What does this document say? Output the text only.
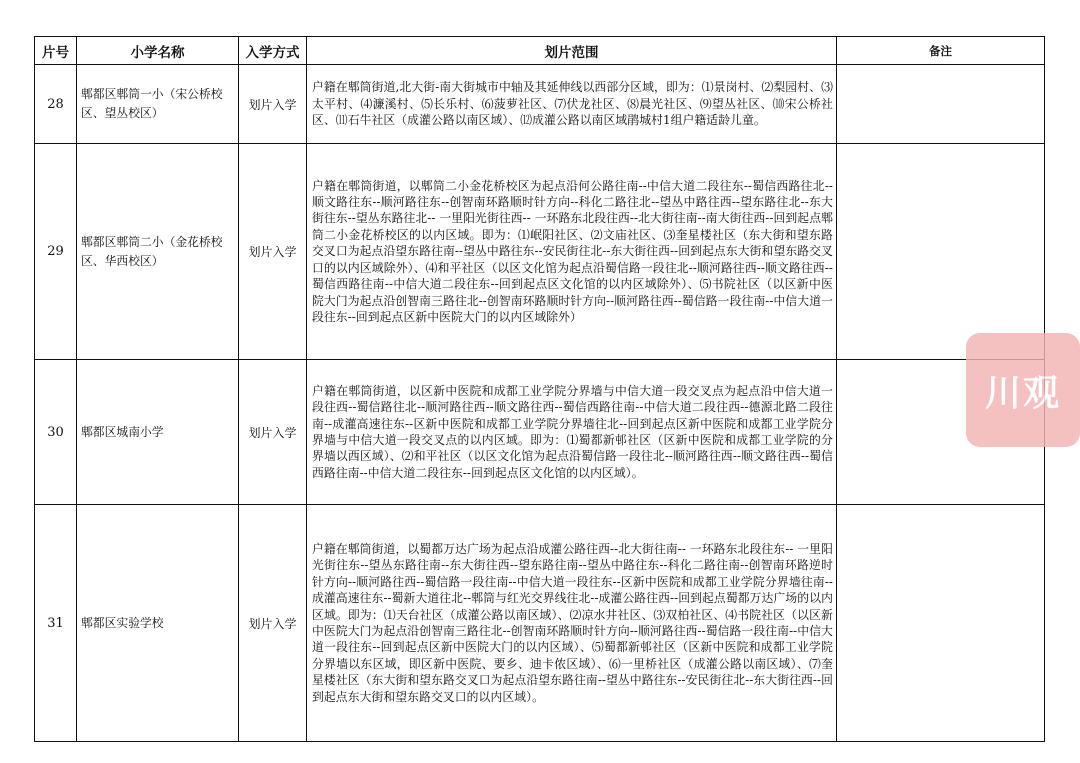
片号	小学名称	入学方式	划片范围	备注
28	郫都区郫筒一小（宋公桥校区、望丛校区）	划片入学	户籍在郫筒街道,北大街-南大街城市中轴及其延伸线以西部分区域，即为：⑴景岗村、⑵梨园村、⑶太平村、⑷濂溪村、⑸长乐村、⑹菠萝社区、⑺伏龙社区、⑻晨光社区、⑼望丛社区、⑽宋公桥社区、⑾石牛社区（成灌公路以南区域）、⑿成灌公路以南区域鹃城村1组户籍适龄儿童。	
29	郫都区郫筒二小（金花桥校区、华西校区）	划片入学	户籍在郫筒街道，以郫筒二小金花桥校区为起点沿何公路往南--中信大道二段往东--蜀信西路往北--顺文路往东--顺河路往东--创智南环路顺时针方向--科化二路往北--望丛中路往西--望东路往北--东大街往东--望丛东路往北-- 一里阳光街往西-- 一环路东北段往西--北大街往南--南大街往西--回到起点郫筒二小金花桥校区的以内区域。即为：⑴岷阳社区、⑵文庙社区、⑶奎星楼社区（东大街和望东路交叉口为起点沿望东路往南--望丛中路往东--安民街往北--东大街往西--回到起点东大街和望东路交叉口的以内区域除外）、⑷和平社区（以区文化馆为起点沿蜀信路一段往北--顺河路往西--顺文路往西--蜀信西路往南--中信大道二段往东--回到起点区文化馆的以内区域除外）、⑸书院社区（以区新中医院大门为起点沿创智南三路往北--创智南环路顺时针方向--顺河路往西--蜀信路一段往南--中信大道一段往东--回到起点区新中医院大门的以内区域除外）	
30	郫都区城南小学	划片入学	户籍在郫筒街道，以区新中医院和成都工业学院分界墙与中信大道一段交叉点为起点沿中信大道一段往西--蜀信路往北--顺河路往西--顺文路往西--蜀信西路往南--中信大道二段往西--德源北路二段往南--成灌高速往东--区新中医院和成都工业学院分界墙往北--回到起点区新中医院和成都工业学院分界墙与中信大道一段交叉点的以内区域。即为：⑴蜀都新邨社区（区新中医院和成都工业学院的分界墙以西区域）、⑵和平社区（以区文化馆为起点沿蜀信路一段往北--顺河路往西--顺文路往西--蜀信西路往南--中信大道二段往东--回到起点区文化馆的以内区域）。	
31	郫都区实验学校	划片入学	户籍在郫筒街道，以蜀都万达广场为起点沿成灌公路往西--北大街往南-- 一环路东北段往东-- 一里阳光街往东--望丛东路往南--东大街往西--望东路往南--望丛中路往东--科化二路往南--创智南环路逆时针方向--顺河路往西--蜀信路一段往南--中信大道一段往东--区新中医院和成都工业学院分界墙往南--成灌高速往东--蜀新大道往北--郫筒与红光交界线往北--成灌公路往西--回到起点蜀都万达广场的以内区域。即为：⑴天台社区（成灌公路以南区域）、⑵凉水井社区、⑶双柏社区、⑷书院社区（以区新中医院大门为起点沿创智南三路往北--创智南环路顺时针方向--顺河路往西--蜀信路一段往南--中信大道一段往东--回到起点区新中医院大门的以内区域）、⑸蜀都新邨社区（区新中医院和成都工业学院分界墙以东区域，即区新中医院、要乡、迪卡侬区域）、⑹一里桥社区（成灌公路以南区域）、⑺奎星楼社区（东大街和望东路交叉口为起点沿望东路往南--望丛中路往东--安民街往北--东大街往西--回到起点东大街和望东路交叉口的以内区域）。	
川观
